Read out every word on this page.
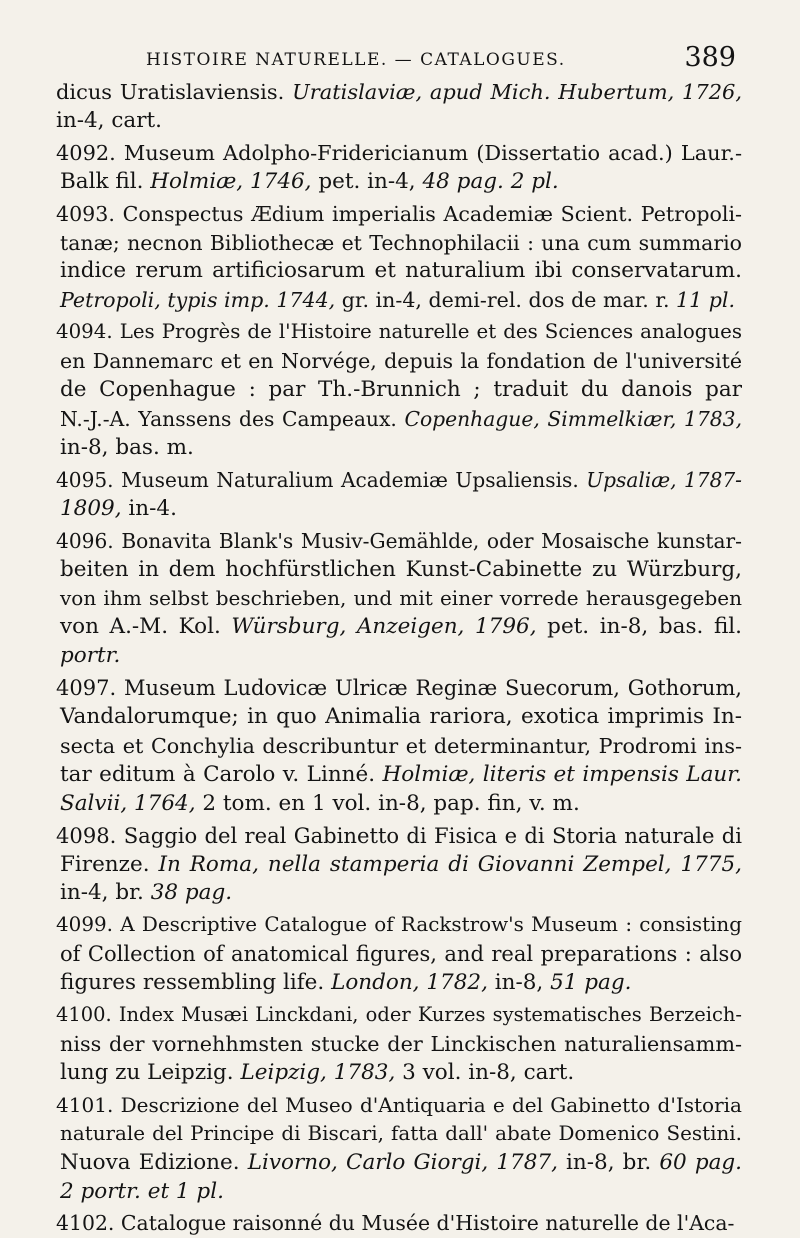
HISTOIRE NATURELLE. — CATALOGUES.	389

dicus Uratislaviensis. Uratislaviæ, apud Mich. Hubertum, 1726,
in-4, cart.

4092. Museum Adolpho-Fridericianum (Dissertatio acad.) Laur.-
Balk fil. Holmiæ, 1746, pet. in-4, 48 pag. 2 pl.

4093. Conspectus Ædium imperialis Academiæ Scient. Petropoli-
tanæ; necnon Bibliothecæ et Technophilacii : una cum summario
indice rerum artificiosarum et naturalium ibi conservatarum.
Petropoli, typis imp. 1744, gr. in-4, demi-rel. dos de mar. r. 11 pl.

4094. Les Progrès de l'Histoire naturelle et des Sciences analogues
en Dannemarc et en Norvége, depuis la fondation de l'université
de Copenhague : par Th.-Brunnich ; traduit du danois par
N.-J.-A. Yanssens des Campeaux. Copenhague, Simmelkiær, 1783,
in-8, bas. m.

4095. Museum Naturalium Academiæ Upsaliensis. Upsaliæ, 1787-
1809, in-4.

4096. Bonavita Blank's Musiv-Gemählde, oder Mosaische kunstar-
beiten in dem hochfürstlichen Kunst-Cabinette zu Würzburg,
von ihm selbst beschrieben, und mit einer vorrede herausgegeben
von A.-M. Kol. Würsburg, Anzeigen, 1796, pet. in-8, bas. fil.
portr.

4097. Museum Ludovicæ Ulricæ Reginæ Suecorum, Gothorum,
Vandalorumque; in quo Animalia rariora, exotica imprimis In-
secta et Conchylia describuntur et determinantur, Prodromi ins-
tar editum à Carolo v. Linné. Holmiæ, literis et impensis Laur.
Salvii, 1764, 2 tom. en 1 vol. in-8, pap. fin, v. m.

4098. Saggio del real Gabinetto di Fisica e di Storia naturale di
Firenze. In Roma, nella stamperia di Giovanni Zempel, 1775,
in-4, br. 38 pag.

4099. A Descriptive Catalogue of Rackstrow's Museum : consisting
of Collection of anatomical figures, and real preparations : also
figures ressembling life. London, 1782, in-8, 51 pag.

4100. Index Musæi Linckdani, oder Kurzes systematisches Berzeich-
niss der vornehhmsten stucke der Linckischen naturaliensamm-
lung zu Leipzig. Leipzig, 1783, 3 vol. in-8, cart.

4101. Descrizione del Museo d'Antiquaria e del Gabinetto d'Istoria
naturale del Principe di Biscari, fatta dall' abate Domenico Sestini.
Nuova Edizione. Livorno, Carlo Giorgi, 1787, in-8, br. 60 pag.
2 portr. et 1 pl.

4102. Catalogue raisonné du Musée d'Histoire naturelle de l'Aca-
